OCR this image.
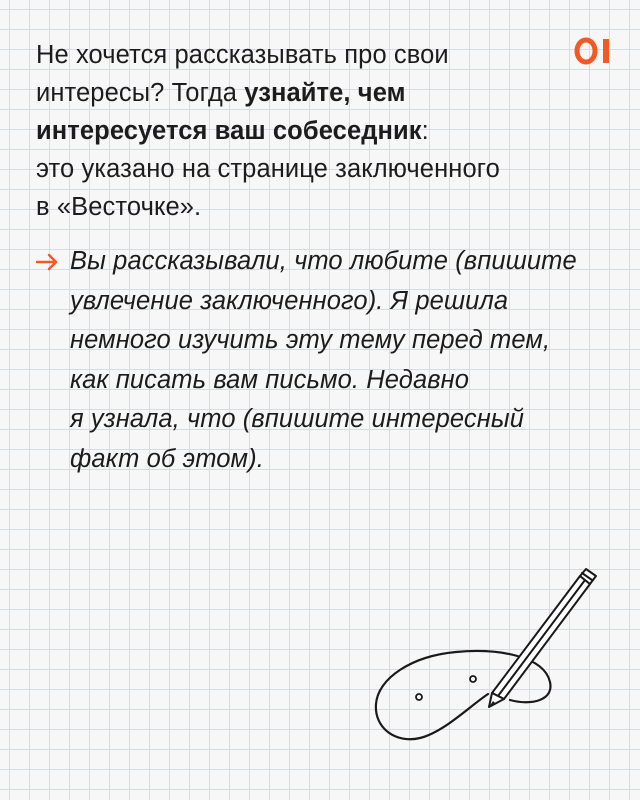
Не хочется рассказывать про свои
интересы? Тогда узнайте, чем
интересуется ваш собеседник:
это указано на странице заключенного
в «Весточке».

Вы рассказывали, что любите (впишите
увлечение заключенного). Я решила
немного изучить эту тему перед тем,
как писать вам письмо. Недавно
я узнала, что (впишите интересный
факт об этом).
